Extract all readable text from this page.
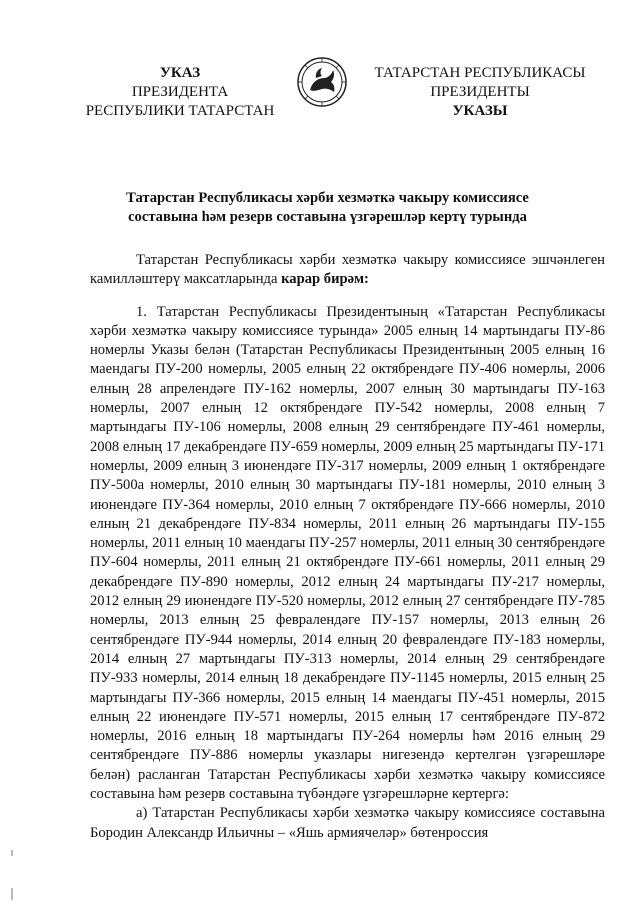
УКАЗ
ПРЕЗИДЕНТА
РЕСПУБЛИКИ ТАТАРСТАН
ТАТАРСТАН РЕСПУБЛИКАСЫ
ПРЕЗИДЕНТЫ
УКАЗЫ
Татарстан Республикасы хәрби хезмәткә чакыру комиссиясе
составына һәм резерв составына үзгәрешләр кертү турында

Татарстан Республикасы хәрби хезмәткә чакыру комиссиясе эшчәнлеген камилләштерү максатларында карар бирәм:

1. Татарстан Республикасы Президентының «Татарстан Республикасы хәрби хезмәткә чакыру комиссиясе турында» 2005 елның 14 мартындагы ПУ-86 номерлы Указы белән (Татарстан Республикасы Президентының 2005 елның 16 маендагы ПУ-200 номерлы, 2005 елның 22 октябрендәге ПУ-406 номерлы, 2006 елның 28 апрелендәге ПУ-162 номерлы, 2007 елның 30 мартындагы ПУ-163 номерлы, 2007 елның 12 октябрендәге ПУ-542 номерлы, 2008 елның 7 мартындагы ПУ-106 номерлы, 2008 елның 29 сентябрендәге ПУ-461 номерлы, 2008 елның 17 декабрендәге ПУ-659 номерлы, 2009 елның 25 мартындагы ПУ-171 номерлы, 2009 елның 3 июнендәге ПУ-317 номерлы, 2009 елның 1 октябрендәге ПУ-500а номерлы, 2010 елның 30 мартындагы ПУ-181 номерлы, 2010 елның 3 июнендәге ПУ-364 номерлы, 2010 елның 7 октябрендәге ПУ-666 номерлы, 2010 елның 21 декабрендәге ПУ-834 номерлы, 2011 елның 26 мартындагы ПУ-155 номерлы, 2011 елның 10 маендагы ПУ-257 номерлы, 2011 елның 30 сентябрендәге ПУ-604 номерлы, 2011 елның 21 октябрендәге ПУ-661 номерлы, 2011 елның 29 декабрендәге ПУ-890 номерлы, 2012 елның 24 мартындагы ПУ-217 номерлы, 2012 елның 29 июнендәге ПУ-520 номерлы, 2012 елның 27 сентябрендәге ПУ-785 номерлы, 2013 елның 25 февралендәге ПУ-157 номерлы, 2013 елның 26 сентябрендәге ПУ-944 номерлы, 2014 елның 20 февралендәге ПУ-183 номерлы, 2014 елның 27 мартындагы ПУ-313 номерлы, 2014 елның 29 сентябрендәге ПУ-933 номерлы, 2014 елның 18 декабрендәге ПУ-1145 номерлы, 2015 елның 25 мартындагы ПУ-366 номерлы, 2015 елның 14 маендагы ПУ-451 номерлы, 2015 елның 22 июнендәге ПУ-571 номерлы, 2015 елның 17 сентябрендәге ПУ-872 номерлы, 2016 елның 18 мартындагы ПУ-264 номерлы һәм 2016 елның 29 сентябрендәге ПУ-886 номерлы указлары нигезендә кертелгән үзгәрешләре белән) расланган Татарстан Республикасы хәрби хезмәткә чакыру комиссиясе составына һәм резерв составына түбәндәге үзгәрешләрне кертергә:

а) Татарстан Республикасы хәрби хезмәткә чакыру комиссиясе составына Бородин Александр Ильичны – «Яшь армиячеләр» бөтенроссия
